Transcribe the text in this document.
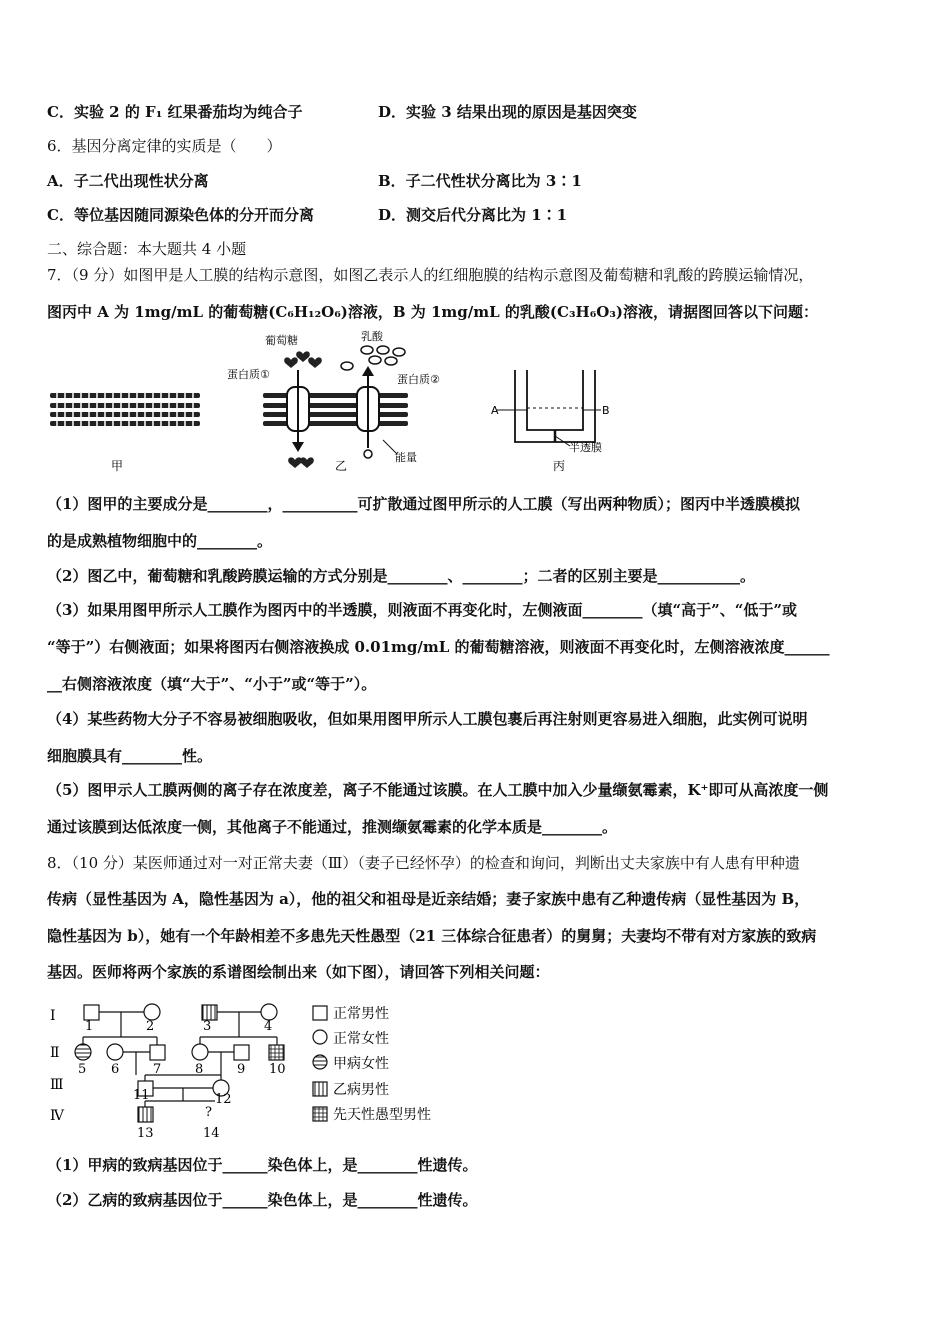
C．实验 2 的 F₁ 红果番茄均为纯合子	D．实验 3 结果出现的原因是基因突变
6．基因分离定律的实质是（　　）
A．子二代出现性状分离	B．子二代性状分离比为 3∶1
C．等位基因随同源染色体的分开而分离	D．测交后代分离比为 1∶1
二、综合题：本大题共 4 小题
7．（9 分）如图甲是人工膜的结构示意图，如图乙表示人的红细胞膜的结构示意图及葡萄糖和乳酸的跨膜运输情况，
图丙中 A 为 1mg/mL 的葡萄糖(C₆H₁₂O₆)溶液，B 为 1mg/mL 的乳酸(C₃H₆O₃)溶液，请据图回答以下问题：
甲
葡萄糖	乳酸
蛋白质①	蛋白质②
能量
乙
A	B
半透膜
丙
（1）图甲的主要成分是________，__________可扩散通过图甲所示的人工膜（写出两种物质）；图丙中半透膜模拟
的是成熟植物细胞中的________。
（2）图乙中，葡萄糖和乳酸跨膜运输的方式分别是________、________；二者的区别主要是___________。
（3）如果用图甲所示人工膜作为图丙中的半透膜，则液面不再变化时，左侧液面________（填“高于”、“低于”或
“等于”）右侧液面；如果将图丙右侧溶液换成 0.01mg/mL 的葡萄糖溶液，则液面不再变化时，左侧溶液浓度______
__右侧溶液浓度（填“大于”、“小于”或“等于”）。
（4）某些药物大分子不容易被细胞吸收，但如果用图甲所示人工膜包裹后再注射则更容易进入细胞，此实例可说明
细胞膜具有________性。
（5）图甲示人工膜两侧的离子存在浓度差，离子不能通过该膜。在人工膜中加入少量缬氨霉素，K⁺即可从高浓度一侧
通过该膜到达低浓度一侧，其他离子不能通过，推测缬氨霉素的化学本质是________。
8．（10 分）某医师通过对一对正常夫妻（Ⅲ）（妻子已经怀孕）的检查和询问，判断出丈夫家族中有人患有甲种遗
传病（显性基因为 A，隐性基因为 a），他的祖父和祖母是近亲结婚；妻子家族中患有乙种遗传病（显性基因为 B，
隐性基因为 b），她有一个年龄相差不多患先天性愚型（21 三体综合征患者）的舅舅；夫妻均不带有对方家族的致病
基因。医师将两个家族的系谱图绘制出来（如下图），请回答下列相关问题：
Ⅰ
Ⅱ
Ⅲ
Ⅳ
1	2	3	4
5 6	7	8	9 10
11	12
13
?
14
正常男性
正常女性
甲病女性
乙病男性
先天性愚型男性
（1）甲病的致病基因位于______染色体上，是________性遗传。
（2）乙病的致病基因位于______染色体上，是________性遗传。
